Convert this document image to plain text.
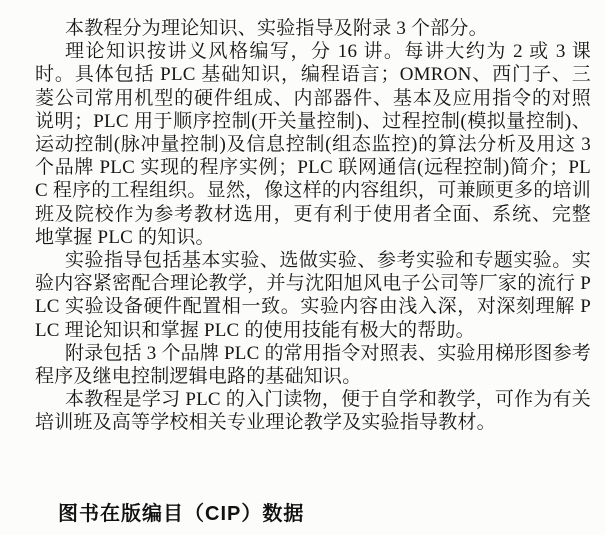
本教程分为理论知识、实验指导及附录 3 个部分。

理论知识按讲义风格编写，分 16 讲。每讲大约为 2 或 3 课时。具体包括 PLC 基础知识，编程语言；OMRON、西门子、三菱公司常用机型的硬件组成、内部器件、基本及应用指令的对照说明；PLC 用于顺序控制(开关量控制)、过程控制(模拟量控制)、运动控制(脉冲量控制)及信息控制(组态监控)的算法分析及用这 3 个品牌 PLC 实现的程序实例；PLC 联网通信(远程控制)简介；PLC 程序的工程组织。显然，像这样的内容组织，可兼顾更多的培训班及院校作为参考教材选用，更有利于使用者全面、系统、完整地掌握 PLC 的知识。

实验指导包括基本实验、选做实验、参考实验和专题实验。实验内容紧密配合理论教学，并与沈阳旭风电子公司等厂家的流行 PLC 实验设备硬件配置相一致。实验内容由浅入深，对深刻理解 PLC 理论知识和掌握 PLC 的使用技能有极大的帮助。

附录包括 3 个品牌 PLC 的常用指令对照表、实验用梯形图参考程序及继电控制逻辑电路的基础知识。

本教程是学习 PLC 的入门读物，便于自学和教学，可作为有关培训班及高等学校相关专业理论教学及实验指导教材。

图书在版编目（CIP）数据
